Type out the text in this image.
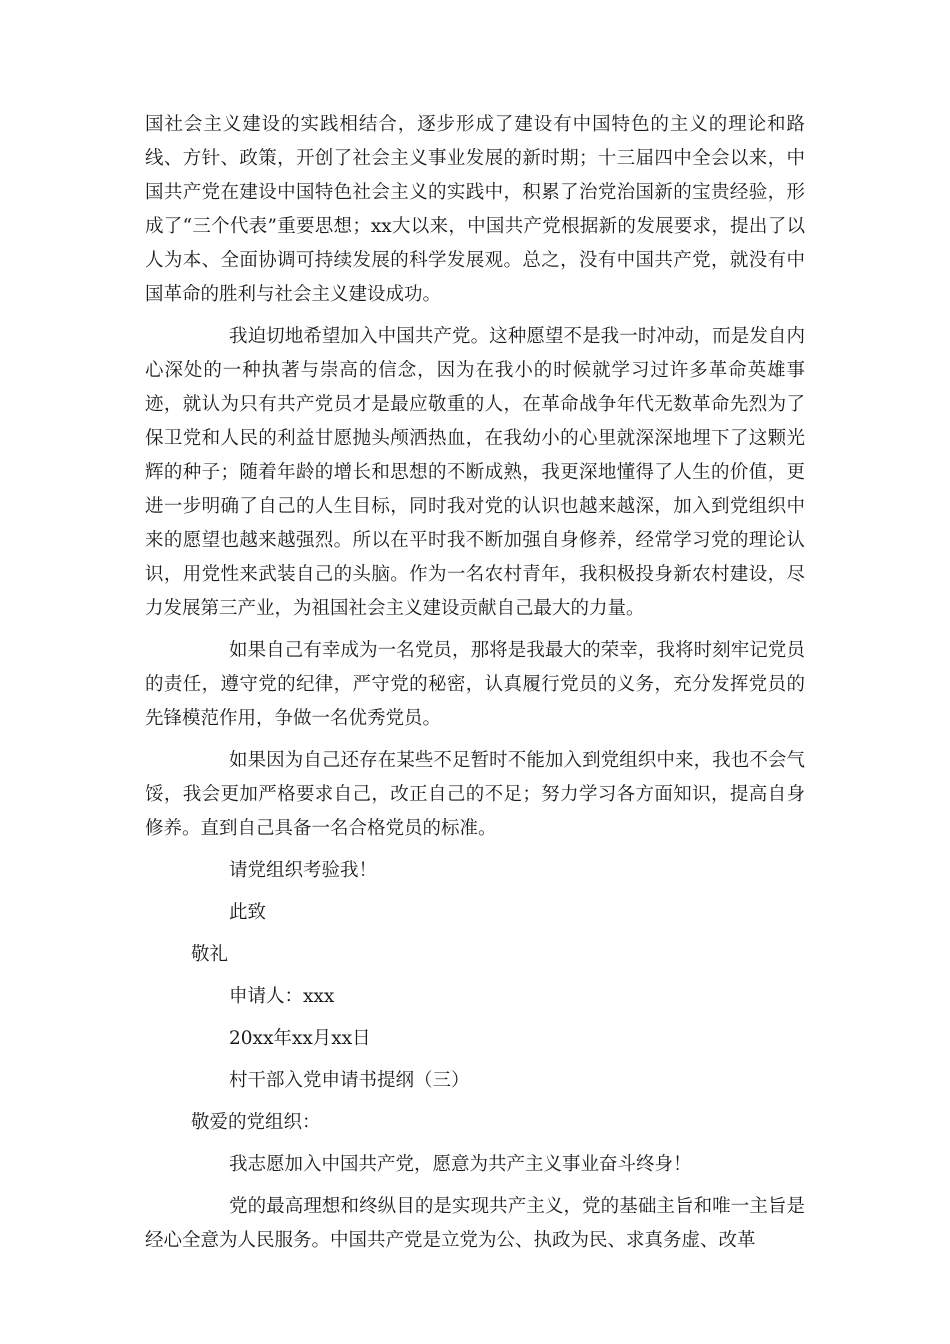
国社会主义建设的实践相结合，逐步形成了建设有中国特色的主义的理论和路线、方针、政策，开创了社会主义事业发展的新时期；十三届四中全会以来，中国共产党在建设中国特色社会主义的实践中，积累了治党治国新的宝贵经验，形成了“三个代表”重要思想；xx大以来，中国共产党根据新的发展要求，提出了以人为本、全面协调可持续发展的科学发展观。总之，没有中国共产党，就没有中国革命的胜利与社会主义建设成功。

我迫切地希望加入中国共产党。这种愿望不是我一时冲动，而是发自内心深处的一种执著与崇高的信念，因为在我小的时候就学习过许多革命英雄事迹，就认为只有共产党员才是最应敬重的人，在革命战争年代无数革命先烈为了保卫党和人民的利益甘愿抛头颅洒热血，在我幼小的心里就深深地埋下了这颗光辉的种子；随着年龄的增长和思想的不断成熟，我更深地懂得了人生的价值，更进一步明确了自己的人生目标，同时我对党的认识也越来越深，加入到党组织中来的愿望也越来越强烈。所以在平时我不断加强自身修养，经常学习党的理论认识，用党性来武装自己的头脑。作为一名农村青年，我积极投身新农村建设，尽力发展第三产业，为祖国社会主义建设贡献自己最大的力量。

如果自己有幸成为一名党员，那将是我最大的荣幸，我将时刻牢记党员的责任，遵守党的纪律，严守党的秘密，认真履行党员的义务，充分发挥党员的先锋模范作用，争做一名优秀党员。

如果因为自己还存在某些不足暂时不能加入到党组织中来，我也不会气馁，我会更加严格要求自己，改正自己的不足；努力学习各方面知识，提高自身修养。直到自己具备一名合格党员的标准。

请党组织考验我！

此致

敬礼

申请人：xxx

20xx年xx月xx日

村干部入党申请书提纲（三）

敬爱的党组织：

我志愿加入中国共产党，愿意为共产主义事业奋斗终身！

党的最高理想和终纵目的是实现共产主义，党的基础主旨和唯一主旨是经心全意为人民服务。中国共产党是立党为公、执政为民、求真务虚、改革
